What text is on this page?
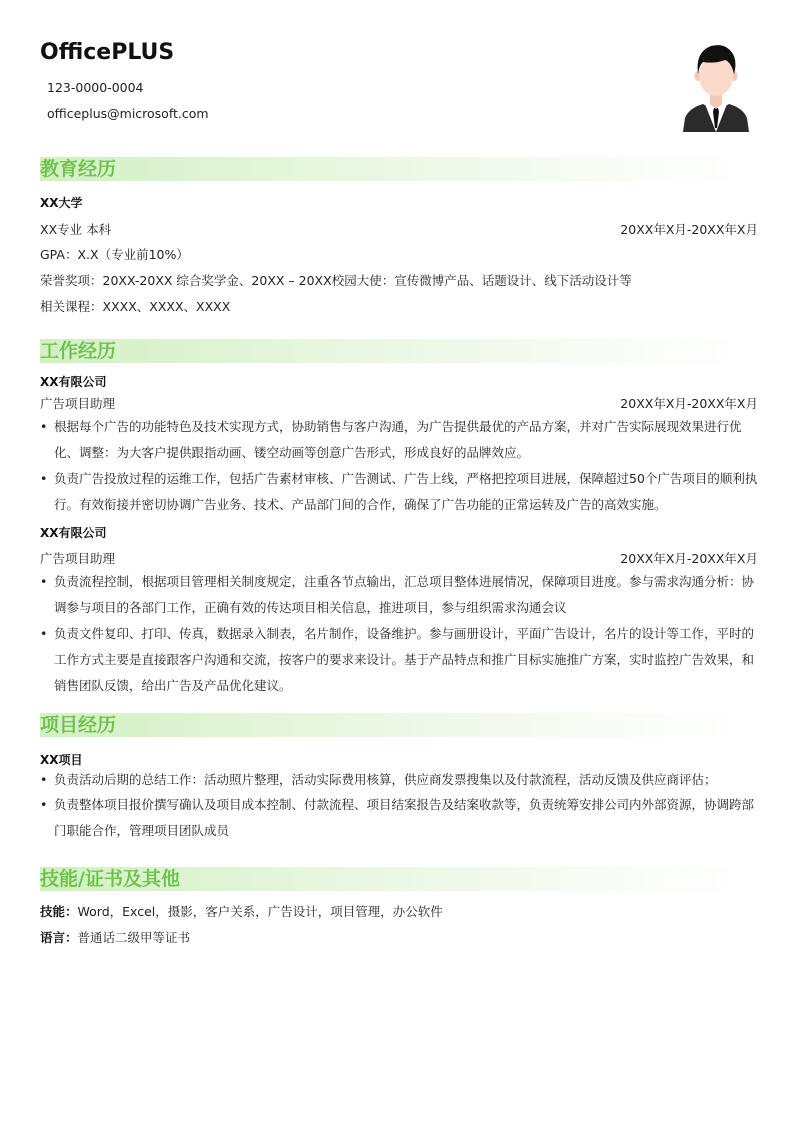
OfficePLUS
123-0000-0004
officeplus@microsoft.com
教育经历
XX大学
XX专业 本科	20XX年X月-20XX年X月
GPA：X.X（专业前10%）
荣誉奖项：20XX-20XX 综合奖学金、20XX – 20XX校园大使：宣传微博产品、话题设计、线下活动设计等
相关课程：XXXX、XXXX、XXXX
工作经历
XX有限公司
广告项目助理	20XX年X月-20XX年X月
• 根据每个广告的功能特色及技术实现方式，协助销售与客户沟通，为广告提供最优的产品方案，并对广告实际展现效果进行优化、调整：为大客户提供跟指动画、镂空动画等创意广告形式，形成良好的品牌效应。
• 负责广告投放过程的运维工作，包括广告素材审核、广告测试、广告上线，严格把控项目进展，保障超过50个广告项目的顺利执行。有效衔接并密切协调广告业务、技术、产品部门间的合作，确保了广告功能的正常运转及广告的高效实施。
XX有限公司
广告项目助理	20XX年X月-20XX年X月
• 负责流程控制，根据项目管理相关制度规定，注重各节点输出，汇总项目整体进展情况，保障项目进度。参与需求沟通分析：协调参与项目的各部门工作，正确有效的传达项目相关信息，推进项目，参与组织需求沟通会议
• 负责文件复印、打印、传真，数据录入制表，名片制作，设备维护。参与画册设计，平面广告设计，名片的设计等工作，平时的工作方式主要是直接跟客户沟通和交流，按客户的要求来设计。基于产品特点和推广目标实施推广方案，实时监控广告效果，和销售团队反馈，给出广告及产品优化建议。
项目经历
XX项目
• 负责活动后期的总结工作：活动照片整理，活动实际费用核算，供应商发票搜集以及付款流程，活动反馈及供应商评估；
• 负责整体项目报价撰写确认及项目成本控制、付款流程、项目结案报告及结案收款等，负责统筹安排公司内外部资源，协调跨部门职能合作，管理项目团队成员
技能/证书及其他
技能：Word，Excel，摄影，客户关系，广告设计，项目管理，办公软件
语言：普通话二级甲等证书
